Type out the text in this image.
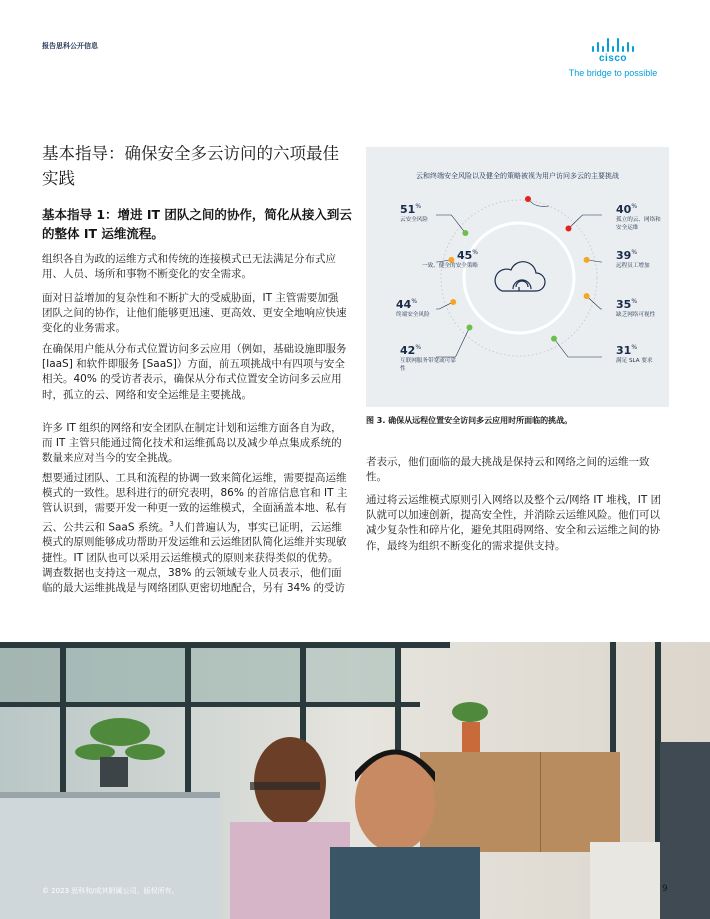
报告思科公开信息
cisco
The bridge to possible
基本指导：确保安全多云访问的六项最佳实践
基本指导 1：增进 IT 团队之间的协作，简化从接入到云的整体 IT 运维流程。

组织各自为政的运维方式和传统的连接模式已无法满足分布式应用、人员、场所和事物不断变化的安全需求。

面对日益增加的复杂性和不断扩大的受威胁面，IT 主管需要加强团队之间的协作，让他们能够更迅速、更高效、更安全地响应快速变化的业务需求。

在确保用户能从分布式位置访问多云应用（例如，基础设施即服务 [IaaS] 和软件即服务 [SaaS]）方面，前五项挑战中有四项与安全相关。40% 的受访者表示，确保从分布式位置安全访问多云应用时，孤立的云、网络和安全运维是主要挑战。

许多 IT 组织的网络和安全团队在制定计划和运维方面各自为政，而 IT 主管只能通过简化技术和运维孤岛以及减少单点集成系统的数量来应对当今的安全挑战。

想要通过团队、工具和流程的协调一致来简化运维，需要提高运维模式的一致性。思科进行的研究表明，86% 的首席信息官和 IT 主管认识到，需要开发一种更一致的运维模式，全面涵盖本地、私有云、公共云和 SaaS 系统。$^3$人们普遍认为，事实已证明，云运维模式的原则能够成功帮助开发运维和云运维团队简化运维并实现敏捷性。IT 团队也可以采用云运维模式的原则来获得类似的优势。调查数据也支持这一观点，38% 的云领域专业人员表示，他们面临的最大运维挑战是与网络团队更密切地配合，另有 34% 的受访

云和终端安全风险以及健全的策略被视为用户访问多云的主要挑战
51%
云安全风险
45%
一致、健全的安全策略
44%
终端安全风险
42%
互联网服务带宽或可靠性
40%
孤立的云、网络和安全运维
39%
远程员工增加
35%
缺乏网络可视性
31%
满足 SLA 要求
图 3. 确保从远程位置安全访问多云应用时所面临的挑战。

者表示，他们面临的最大挑战是保持云和网络之间的运维一致性。

通过将云运维模式原则引入网络以及整个云/网络 IT 堆栈，IT 团队就可以加速创新，提高安全性，并消除云运维风险。他们可以减少复杂性和碎片化，避免其阻碍网络、安全和云运维之间的协作，最终为组织不断变化的需求提供支持。

© 2023 思科和/或其附属公司。版权所有。	9
